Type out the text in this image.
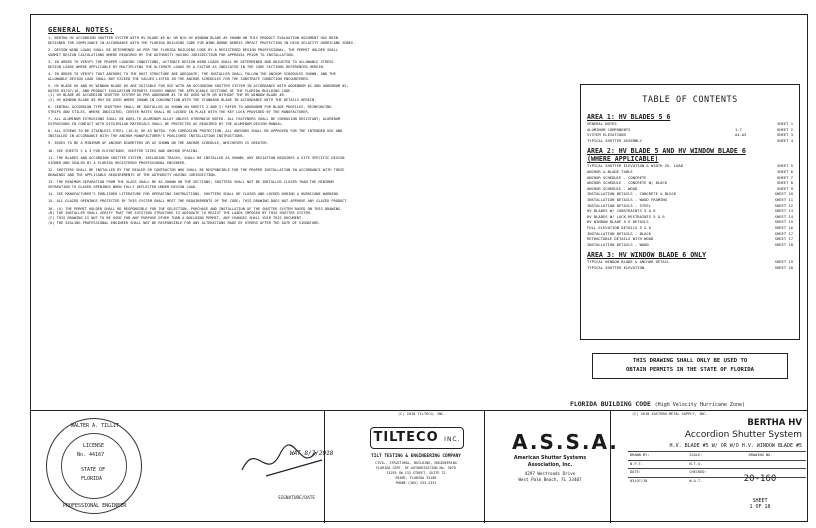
GENERAL NOTES:
1. BERTHA HV ACCORDION SHUTTER SYSTEM WITH HV BLADE #5 W/ OR W/O HV WINDOW BLADE #5 SHOWN ON THIS PRODUCT EVALUATION DOCUMENT HAS BEEN
DESIGNED FOR COMPLIANCE IN ACCORDANCE WITH THE FLORIDA BUILDING CODE FOR WIND-BORNE DEBRIS IMPACT PROTECTION IN HIGH VELOCITY HURRICANE ZONES.
2. DESIGN WIND LOADS SHALL BE DETERMINED AS PER THE FLORIDA BUILDING CODE BY A REGISTERED DESIGN PROFESSIONAL; THE PERMIT HOLDER SHALL
SUBMIT DESIGN CALCULATIONS WHERE REQUIRED BY THE AUTHORITY HAVING JURISDICTION FOR APPROVAL PRIOR TO INSTALLATION.
3. IN ORDER TO VERIFY THE PROPER LOADING CONDITIONS, ULTIMATE DESIGN WIND LOADS SHALL BE DETERMINED AND ADJUSTED TO ALLOWABLE STRESS
DESIGN LOADS WHERE APPLICABLE BY MULTIPLYING THE ULTIMATE LOADS BY A FACTOR AS INDICATED IN THE CODE SECTIONS REFERENCED HEREIN.
4. IN ORDER TO VERIFY THAT ANCHORS TO THE HOST STRUCTURE ARE ADEQUATE, THE INSTALLER SHALL FOLLOW THE ANCHOR SCHEDULES SHOWN, AND THE
ALLOWABLE DESIGN LOAD SHALL NOT EXCEED THE VALUES LISTED IN THE ANCHOR SCHEDULES FOR THE SUBSTRATE CONDITION ENCOUNTERED.
5. HV BLADE #5 AND HV WINDOW BLADE #5 ARE SUITABLE FOR USE WITH AN ACCORDION SHUTTER SYSTEM IN ACCORDANCE WITH ADDENDUM #1 AND ADDENDUM #2,
DATED 03/07/18, AND PRODUCT EVALUATION REPORTS ISSUED UNDER THE APPLICABLE SECTIONS OF THE FLORIDA BUILDING CODE.
(1) HV BLADE #5 ACCORDION SHUTTER SYSTEM AS PER ADDENDUM #1 TO BE USED WITH OR WITHOUT THE HV WINDOW BLADE #5.
(2) HV WINDOW BLADE #5 MAY BE USED WHERE SHOWN IN CONJUNCTION WITH THE STANDARD BLADE IN ACCORDANCE WITH THE DETAILS HEREIN.
6. CENTRAL ACCORDION TYPE SHUTTERS SHALL BE INSTALLED AS SHOWN ON SHEETS 2 AND 3; REFER TO ADDENDUM FOR BLADE PROFILES, REINFORCING
STRIPS AND STILES. WHERE INDICATED, CENTER MATES SHALL BE LOCKED IN PLACE WITH THE KEY LOCK PROVIDED BY THE MANUFACTURER.
7. ALL ALUMINUM EXTRUSIONS SHALL BE 6063-T6 ALUMINUM ALLOY UNLESS OTHERWISE NOTED. ALL FASTENERS SHALL BE CORROSION RESISTANT; ALUMINUM
EXTRUSIONS IN CONTACT WITH DISSIMILAR MATERIALS SHALL BE PROTECTED AS REQUIRED BY THE ALUMINUM DESIGN MANUAL.
8. ALL SCREWS TO BE STAINLESS STEEL (18-8) OR AS NOTED. FOR CORROSION PROTECTION, ALL ANCHORS SHALL BE APPROVED FOR THE INTENDED USE AND
INSTALLED IN ACCORDANCE WITH THE ANCHOR MANUFACTURER'S PUBLISHED INSTALLATION INSTRUCTIONS.
9. EDGES TO BE A MINIMUM OF ANCHOR DIAMETERS OR AS SHOWN ON THE ANCHOR SCHEDULE, WHICHEVER IS GREATER.
10. SEE SHEETS 2 & 3 FOR ELEVATIONS, SHUTTER SIZES AND ANCHOR SPACING.
11. THE BLADES AND ACCORDION SHUTTER SYSTEM, INCLUDING TRACKS, SHALL BE INSTALLED AS SHOWN; ANY DEVIATION REQUIRES A SITE SPECIFIC DESIGN
SIGNED AND SEALED BY A FLORIDA REGISTERED PROFESSIONAL ENGINEER.
12. SHUTTERS SHALL BE INSTALLED BY THE DEALER OR CONTRACTOR WHO SHALL BE RESPONSIBLE FOR THE PROPER INSTALLATION IN ACCORDANCE WITH THESE
DRAWINGS AND THE APPLICABLE REQUIREMENTS OF THE AUTHORITY HAVING JURISDICTION.
13. THE MINIMUM SEPARATION FROM THE GLASS SHALL BE AS SHOWN ON THE SECTIONS; SHUTTERS SHALL NOT BE INSTALLED CLOSER THAN THE MINIMUM
SEPARATION TO GLAZED OPENINGS WHEN FULLY DEFLECTED UNDER DESIGN LOAD.
14. SEE MANUFACTURER'S PUBLISHED LITERATURE FOR OPERATING INSTRUCTIONS. SHUTTERS SHALL BE CLOSED AND LOCKED DURING A HURRICANE WARNING.
15. ALL GLAZED OPENINGS PROTECTED BY THIS SYSTEM SHALL MEET THE REQUIREMENTS OF THE CODE; THIS DRAWING DOES NOT APPROVE ANY GLAZED PRODUCT.
16. (A) THE PERMIT HOLDER SHALL BE RESPONSIBLE FOR THE SELECTION, PURCHASE AND INSTALLATION OF THE SHUTTER SYSTEM BASED ON THIS DRAWING.
(B) THE INSTALLER SHALL VERIFY THAT THE EXISTING STRUCTURE IS ADEQUATE TO RESIST THE LOADS IMPOSED BY THIS SHUTTER SYSTEM.
(C) THIS DRAWING IS NOT TO BE USED FOR ANY PURPOSE OTHER THAN A BUILDING PERMIT; ANY CHANGES SHALL VOID THIS DOCUMENT.
(D) THE SEALING PROFESSIONAL ENGINEER SHALL NOT BE RESPONSIBLE FOR ANY ALTERATIONS MADE BY OTHERS AFTER THE DATE OF SIGNATURE.
TABLE OF CONTENTS
AREA 1: HV BLADES 5 6
GENERAL NOTES	SHEET 1
ALUMINUM COMPONENTS	1-7	SHEET 2
SYSTEM ELEVATIONS	A4-A5	SHEET 3
TYPICAL SHUTTER ASSEMBLY	SHEET 4
AREA 2: HV BLADE 5 AND HV WINDOW BLADE 6
(WHERE APPLICABLE)
TYPICAL SHUTTER ELEVATION & WIDTH VS. LOAD	SHEET 5
ANCHOR & BLADE TABLE	SHEET 6
ANCHOR SCHEDULE - CONCRETE	SHEET 7
ANCHOR SCHEDULE - CONCRETE W/ BLOCK	SHEET 8
ANCHOR SCHEDULE - WOOD	SHEET 9
INSTALLATION DETAILS - CONCRETE & BLOCK	SHEET 10
INSTALLATION DETAILS - WOOD FRAMING	SHEET 11
INSTALLATION DETAILS - STEEL	SHEET 12
HV BLADES W/ CONSTRAINTS 5 & 6	SHEET 13
HV BLADES W/ LOCK RESTRAINTS 5 & 6	SHEET 14
HV WINDOW BLADE 5 6 DETAILS	SHEET 15
FULL ELEVATION DETAILS 5 & 6	SHEET 16
INSTALLATION DETAILS - BLOCK	SHEET 17
RETRACTABLE DETAILS WITH WOOD	SHEET 17
INSTALLATION DETAILS - WOOD	SHEET 18
AREA 3: HV WINDOW BLADE 6 ONLY
TYPICAL WINDOW BLADE & ANCHOR DETAIL	SHEET 19
TYPICAL SHUTTER ELEVATION	SHEET 20
THIS DRAWING SHALL ONLY BE USED TO
OBTAIN PERMITS IN THE STATE OF FLORIDA
FLORIDA BUILDING CODE (High Velocity Hurricane Zone)
WALTER A. TILLIT
LICENSE
No. 44167
STATE OF
FLORIDA
PROFESSIONAL ENGINEER
WAT 8/7/2018
SIGNATURE/DATE
(C) 2018 TILTECO, INC.
TILTECO INC.
TILT TESTING & ENGINEERING COMPANY
CIVIL, STRUCTURAL, BUILDING, ENGINEERING
FLORIDA CERT. OF AUTHORIZATION No. 3070
13255 SW 132 STREET, SUITE 22
MIAMI, FLORIDA 33186
PHONE (305) 253-2331
A.S.S.A.
American Shutter Systems
Association, Inc.
4297 Westroads Drive
West Palm Beach, FL 33407
(C) 2018 EASTERN METAL SUPPLY, INC.
BERTHA HV
Accordion Shutter System
H.V. BLADE #5 W/ OR W/O H.V. WINDOW BLADE #5
DRAWN BY:	SCALE:	DRAWING NO.
N.F.T.	N.T.S.
DATE:	CHECKED:
03/07/18	W.A.T.	20-160
SHEET
1 OF 18
